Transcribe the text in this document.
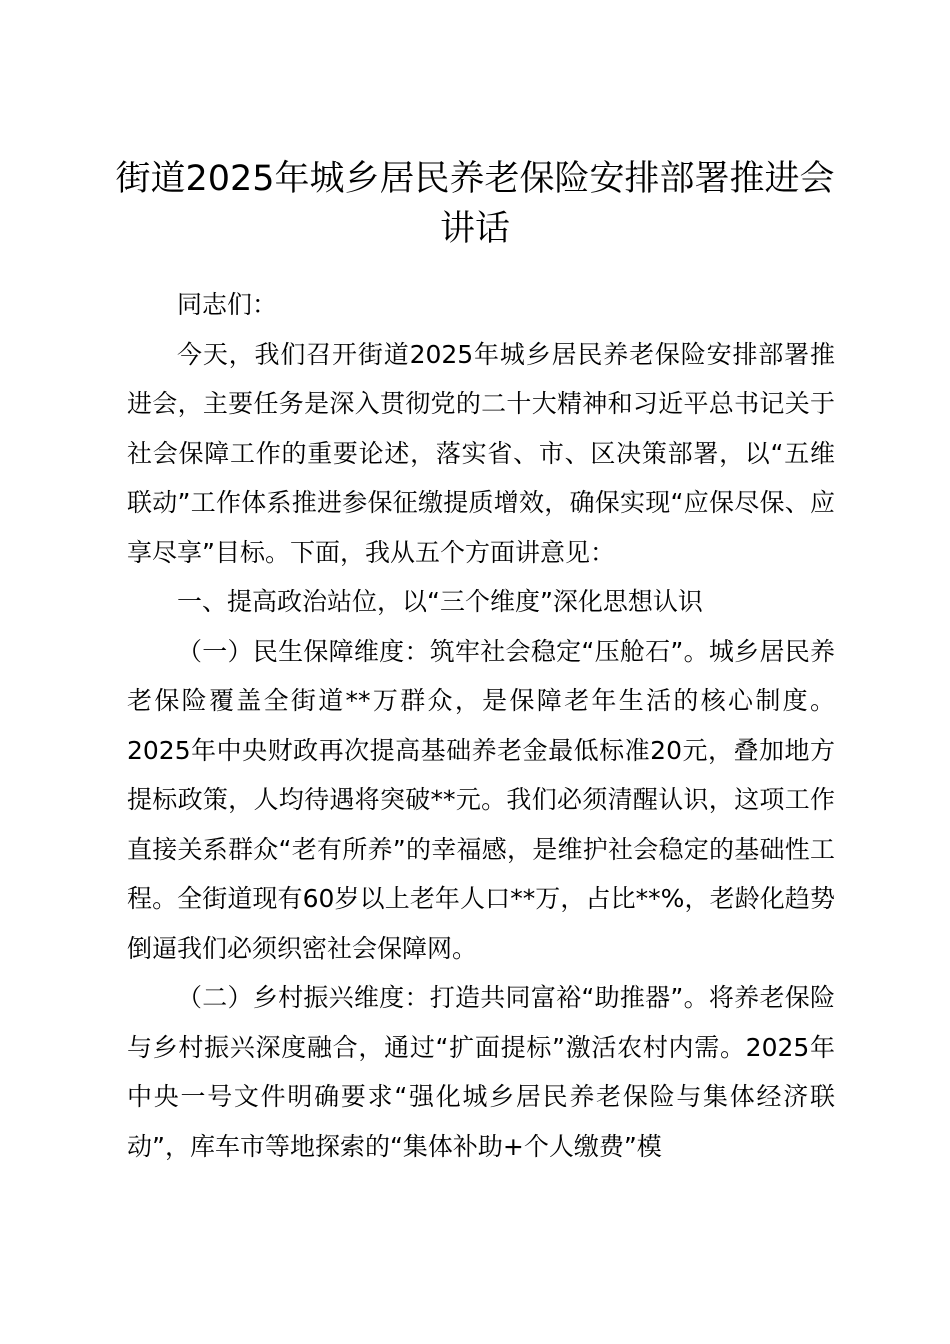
街道2025年城乡居民养老保险安排部署推进会讲话

同志们：

今天，我们召开街道2025年城乡居民养老保险安排部署推进会，主要任务是深入贯彻党的二十大精神和习近平总书记关于社会保障工作的重要论述，落实省、市、区决策部署，以“五维联动”工作体系推进参保征缴提质增效，确保实现“应保尽保、应享尽享”目标。下面，我从五个方面讲意见：

一、提高政治站位，以“三个维度”深化思想认识

（一）民生保障维度：筑牢社会稳定“压舱石”。城乡居民养老保险覆盖全街道**万群众，是保障老年生活的核心制度。2025年中央财政再次提高基础养老金最低标准20元，叠加地方提标政策，人均待遇将突破**元。我们必须清醒认识，这项工作直接关系群众“老有所养”的幸福感，是维护社会稳定的基础性工程。全街道现有60岁以上老年人口**万，占比**%，老龄化趋势倒逼我们必须织密社会保障网。

（二）乡村振兴维度：打造共同富裕“助推器”。将养老保险与乡村振兴深度融合，通过“扩面提标”激活农村内需。2025年中央一号文件明确要求“强化城乡居民养老保险与集体经济联动”，库车市等地探索的“集体补助+个人缴费”模
